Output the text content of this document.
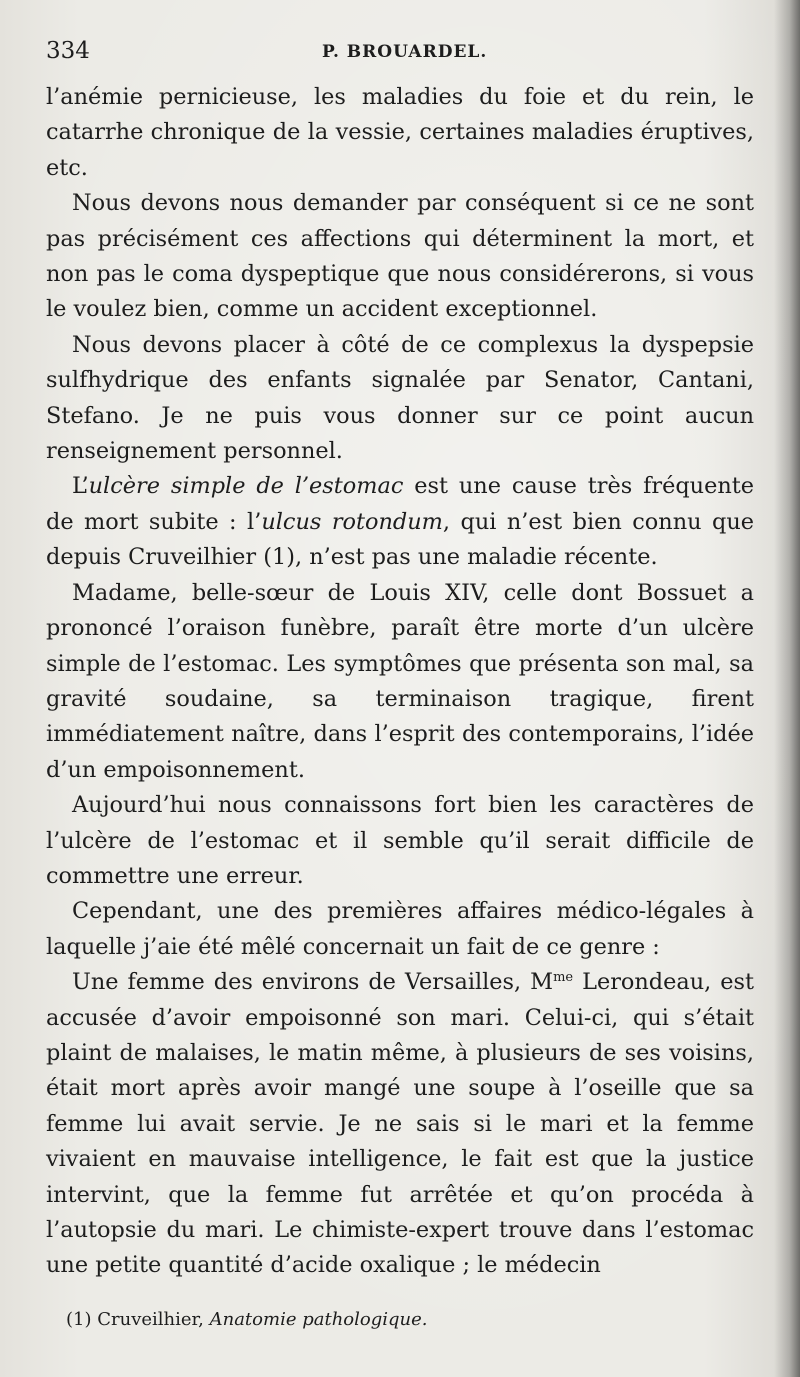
334	P. BROUARDEL.

l’anémie pernicieuse, les maladies du foie et du rein, le catarrhe chronique de la vessie, certaines maladies éruptives, etc.

Nous devons nous demander par conséquent si ce ne sont pas précisément ces affections qui déterminent la mort, et non pas le coma dyspeptique que nous considérerons, si vous le voulez bien, comme un accident exceptionnel.

Nous devons placer à côté de ce complexus la dyspepsie sulfhydrique des enfants signalée par Senator, Cantani, Stefano. Je ne puis vous donner sur ce point aucun renseignement personnel.

L’ulcère simple de l’estomac est une cause très fréquente de mort subite : l’ulcus rotondum, qui n’est bien connu que depuis Cruveilhier (1), n’est pas une maladie récente.

Madame, belle-sœur de Louis XIV, celle dont Bossuet a prononcé l’oraison funèbre, paraît être morte d’un ulcère simple de l’estomac. Les symptômes que présenta son mal, sa gravité soudaine, sa terminaison tragique, firent immédiatement naître, dans l’esprit des contemporains, l’idée d’un empoisonnement.

Aujourd’hui nous connaissons fort bien les caractères de l’ulcère de l’estomac et il semble qu’il serait difficile de commettre une erreur.

Cependant, une des premières affaires médico-légales à laquelle j’aie été mêlé concernait un fait de ce genre :

Une femme des environs de Versailles, $M^{me}$ Lerondeau, est accusée d’avoir empoisonné son mari. Celui-ci, qui s’était plaint de malaises, le matin même, à plusieurs de ses voisins, était mort après avoir mangé une soupe à l’oseille que sa femme lui avait servie. Je ne sais si le mari et la femme vivaient en mauvaise intelligence, le fait est que la justice intervint, que la femme fut arrêtée et qu’on procéda à l’autopsie du mari. Le chimiste-expert trouve dans l’estomac une petite quantité d’acide oxalique ; le médecin

(1) Cruveilhier, Anatomie pathologique.
